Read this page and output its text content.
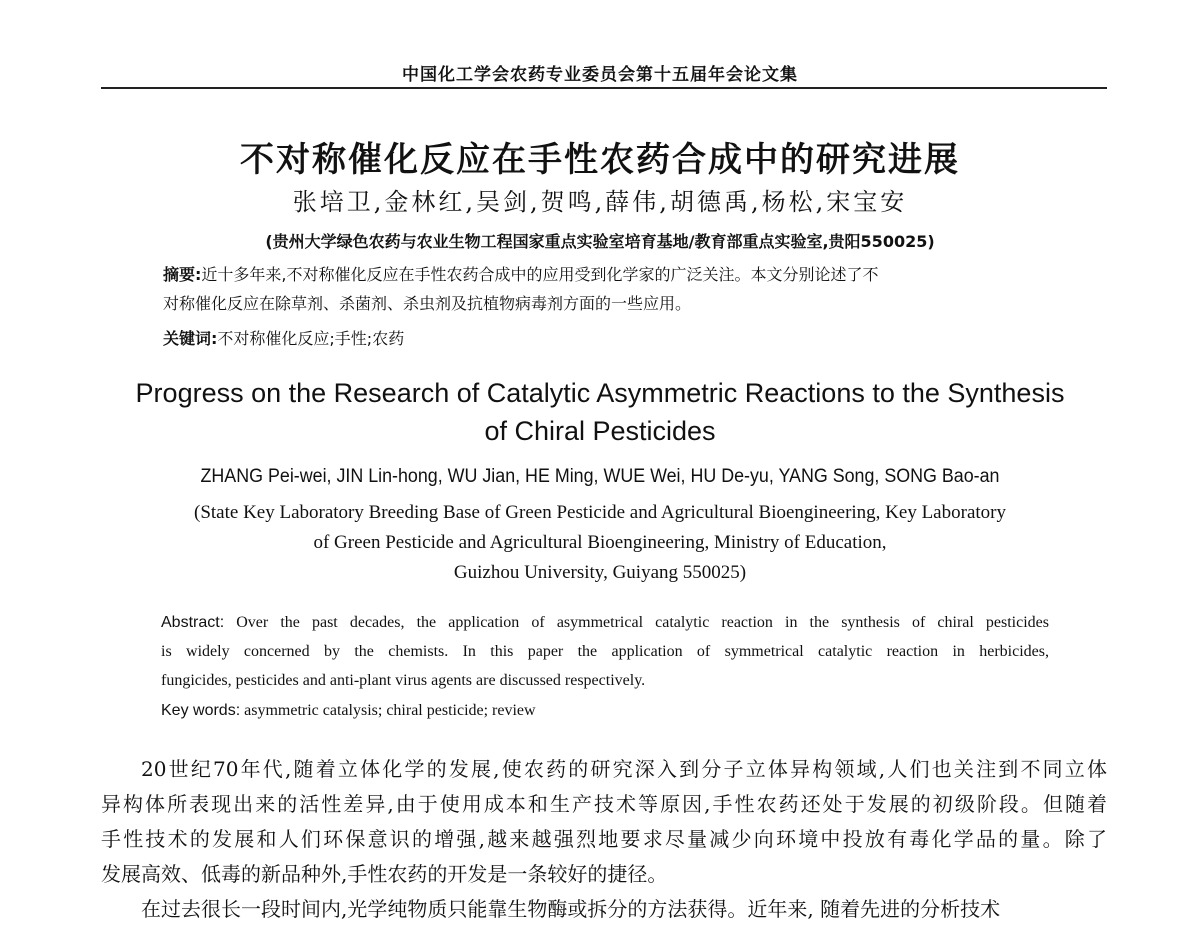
中国化工学会农药专业委员会第十五届年会论文集
不对称催化反应在手性农药合成中的研究进展
张培卫,金林红,吴剑,贺鸣,薛伟,胡德禹,杨松,宋宝安
(贵州大学绿色农药与农业生物工程国家重点实验室培育基地/教育部重点实验室,贵阳550025)
摘要:近十多年来,不对称催化反应在手性农药合成中的应用受到化学家的广泛关注。本文分别论述了不
对称催化反应在除草剂、杀菌剂、杀虫剂及抗植物病毒剂方面的一些应用。
关键词:不对称催化反应;手性;农药
Progress on the Research of Catalytic Asymmetric Reactions to the Synthesis
of Chiral Pesticides
ZHANG Pei-wei, JIN Lin-hong, WU Jian, HE Ming, WUE Wei, HU De-yu, YANG Song, SONG Bao-an
(State Key Laboratory Breeding Base of Green Pesticide and Agricultural Bioengineering, Key Laboratory
of Green Pesticide and Agricultural Bioengineering, Ministry of Education,
Guizhou University, Guiyang 550025)
Abstract: Over the past decades, the application of asymmetrical catalytic reaction in the synthesis of chiral pesticides
is widely concerned by the chemists. In this paper the application of symmetrical catalytic reaction in herbicides,
fungicides, pesticides and anti-plant virus agents are discussed respectively.
Key words: asymmetric catalysis; chiral pesticide; review
20世纪70年代,随着立体化学的发展,使农药的研究深入到分子立体异构领域,人们也关注到不同立体
异构体所表现出来的活性差异,由于使用成本和生产技术等原因,手性农药还处于发展的初级阶段。但随着
手性技术的发展和人们环保意识的增强,越来越强烈地要求尽量减少向环境中投放有毒化学品的量。除了
发展高效、低毒的新品种外,手性农药的开发是一条较好的捷径。
在过去很长一段时间内,光学纯物质只能靠生物酶或拆分的方法获得。近年来, 随着先进的分析技术
